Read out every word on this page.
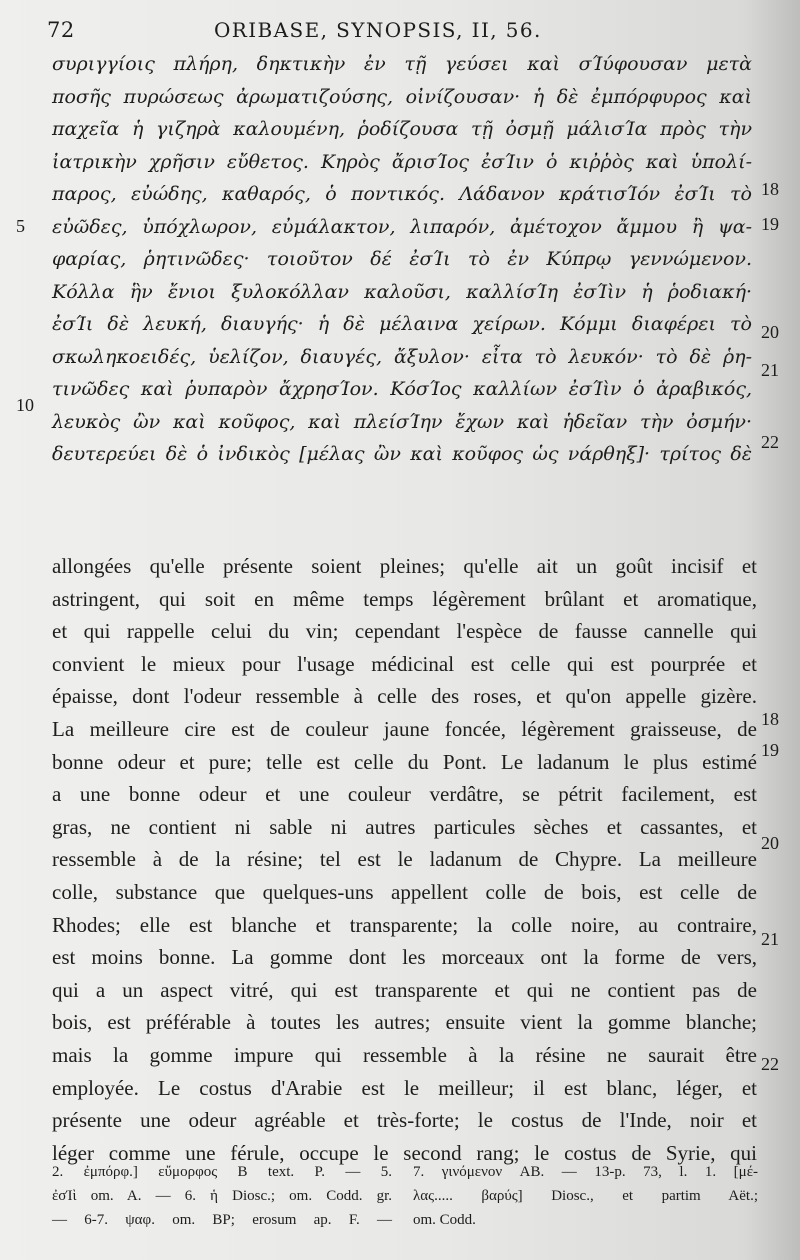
72	ORIBASE, SYNOPSIS, II, 56.
συριγγίοις πλήρη, δηκτικὴν ἐν τῇ γεύσει καὶ σΊύφουσαν μετὰ
ποσῆς πυρώσεως ἀρωματιζούσης, οἰνίζουσαν· ἡ δὲ ἐμπόρφυρος καὶ
παχεῖα ἡ γιζηρὰ καλουμένη, ῥοδίζουσα τῇ ὀσμῇ μάλισΊα πρὸς τὴν
ἰατρικὴν χρῆσιν εὔθετος. Κηρὸς ἄρισΊος ἐσΊιν ὁ κιῤῥὸς καὶ ὑπολί-
παρος, εὐώδης, καθαρός, ὁ ποντικός. Λάδανον κράτισΊόν ἐσΊι τὸ
εὐῶδες, ὑπόχλωρον, εὐμάλακτον, λιπαρόν, ἀμέτοχον ἄμμου ἢ ψα-
φαρίας, ῥητινῶδες· τοιοῦτον δέ ἐσΊι τὸ ἐν Κύπρῳ γεννώμενον.
Κόλλα ἣν ἔνιοι ξυλοκόλλαν καλοῦσι, καλλίσΊη ἐσΊὶν ἡ ῥοδιακή·
ἐσΊι δὲ λευκή, διαυγής· ἡ δὲ μέλαινα χείρων. Κόμμι διαφέρει τὸ
σκωληκοειδές, ὑελίζον, διαυγές, ἄξυλον· εἶτα τὸ λευκόν· τὸ δὲ ῥη-
τινῶδες καὶ ῥυπαρὸν ἄχρησΊον. ΚόσΊος καλλίων ἐσΊὶν ὁ ἀραβικός,
λευκὸς ὢν καὶ κοῦφος, καὶ πλείσΊην ἔχων καὶ ἡδεῖαν τὴν ὀσμήν·
δευτερεύει δὲ ὁ ἰνδικὸς [μέλας ὢν καὶ κοῦφος ὡς νάρθηξ]· τρίτος δὲ
5
10
18
19
20
21
22
allongées qu'elle présente soient pleines; qu'elle ait un goût incisif et
astringent, qui soit en même temps légèrement brûlant et aromatique,
et qui rappelle celui du vin; cependant l'espèce de fausse cannelle qui
convient le mieux pour l'usage médicinal est celle qui est pourprée et
épaisse, dont l'odeur ressemble à celle des roses, et qu'on appelle gizère.
La meilleure cire est de couleur jaune foncée, légèrement graisseuse, de
bonne odeur et pure; telle est celle du Pont. Le ladanum le plus estimé
a une bonne odeur et une couleur verdâtre, se pétrit facilement, est
gras, ne contient ni sable ni autres particules sèches et cassantes, et
ressemble à de la résine; tel est le ladanum de Chypre. La meilleure
colle, substance que quelques-uns appellent colle de bois, est celle de
Rhodes; elle est blanche et transparente; la colle noire, au contraire,
est moins bonne. La gomme dont les morceaux ont la forme de vers,
qui a un aspect vitré, qui est transparente et qui ne contient pas de
bois, est préférable à toutes les autres; ensuite vient la gomme blanche;
mais la gomme impure qui ressemble à la résine ne saurait être
employée. Le costus d'Arabie est le meilleur; il est blanc, léger, et
présente une odeur agréable et très-forte; le costus de l'Inde, noir et
léger comme une férule, occupe le second rang; le costus de Syrie, qui
18
19
20
21
22
2. ἐμπόρφ.] εὔμορφος B text. P. — 5.
ἐσΊὶ om. A. — 6. ἡ Diosc.; om. Codd. gr.
— 6-7. ψαφ. om. BP; erosum ap. F. —
7. γινόμενον AB. — 13-p. 73, l. 1. [μέ-
λας..... βαρύς] Diosc., et partim Aët.;
om. Codd.
